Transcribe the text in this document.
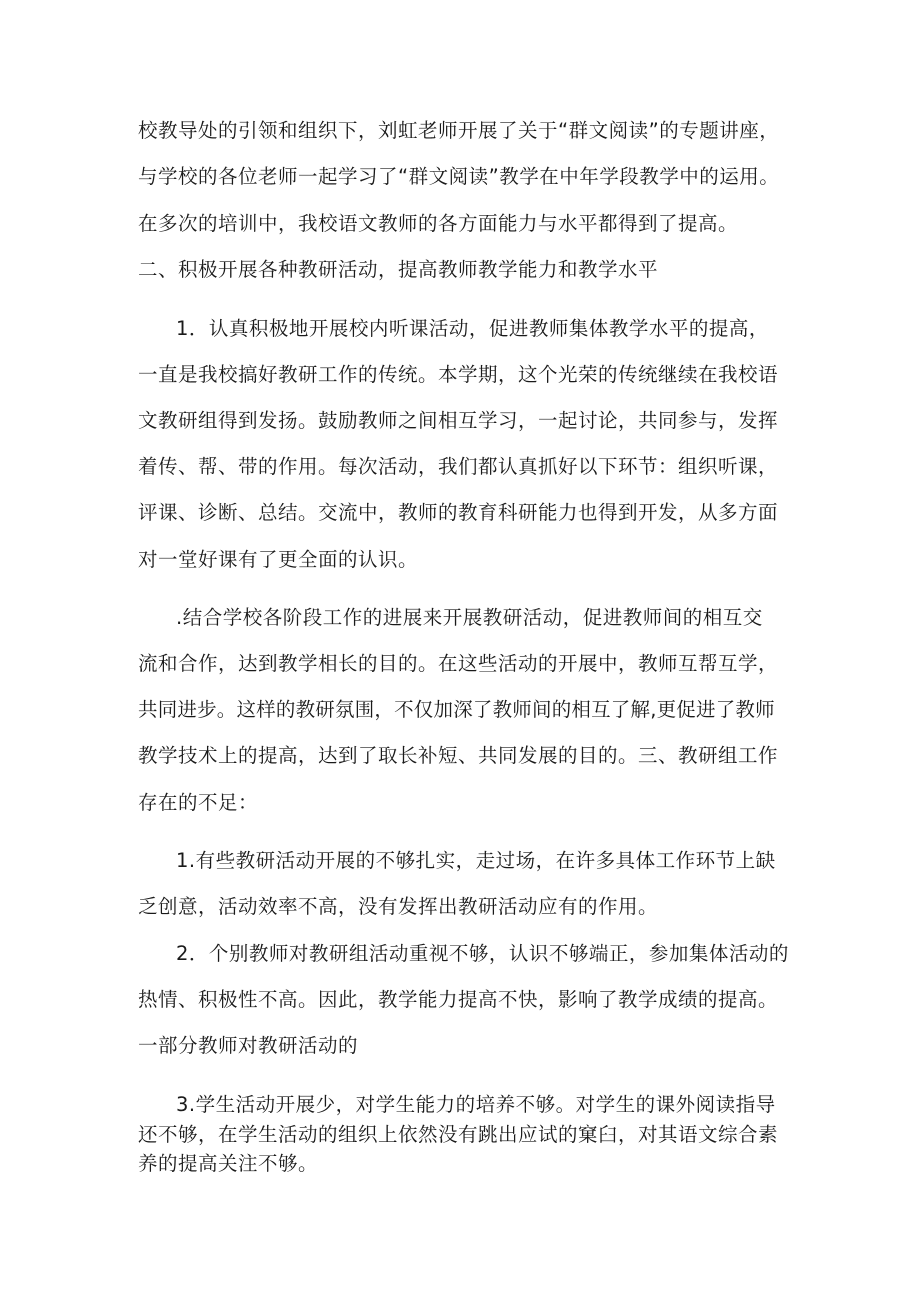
校教导处的引领和组织下，刘虹老师开展了关于“群文阅读”的专题讲座，
与学校的各位老师一起学习了“群文阅读”教学在中年学段教学中的运用。
在多次的培训中，我校语文教师的各方面能力与水平都得到了提高。
二、积极开展各种教研活动，提高教师教学能力和教学水平
1．认真积极地开展校内听课活动，促进教师集体教学水平的提高，
一直是我校搞好教研工作的传统。本学期，这个光荣的传统继续在我校语
文教研组得到发扬。鼓励教师之间相互学习，一起讨论，共同参与，发挥
着传、帮、带的作用。每次活动，我们都认真抓好以下环节：组织听课，
评课、诊断、总结。交流中，教师的教育科研能力也得到开发，从多方面
对一堂好课有了更全面的认识。
.结合学校各阶段工作的进展来开展教研活动，促进教师间的相互交
流和合作，达到教学相长的目的。在这些活动的开展中，教师互帮互学，
共同进步。这样的教研氛围，不仅加深了教师间的相互了解,更促进了教师
教学技术上的提高，达到了取长补短、共同发展的目的。三、教研组工作
存在的不足：
1.有些教研活动开展的不够扎实，走过场，在许多具体工作环节上缺
乏创意，活动效率不高，没有发挥出教研活动应有的作用。
2．个别教师对教研组活动重视不够，认识不够端正，参加集体活动的
热情、积极性不高。因此，教学能力提高不快，影响了教学成绩的提高。
一部分教师对教研活动的
3.学生活动开展少，对学生能力的培养不够。对学生的课外阅读指导
还不够，在学生活动的组织上依然没有跳出应试的窠臼，对其语文综合素
养的提高关注不够。
